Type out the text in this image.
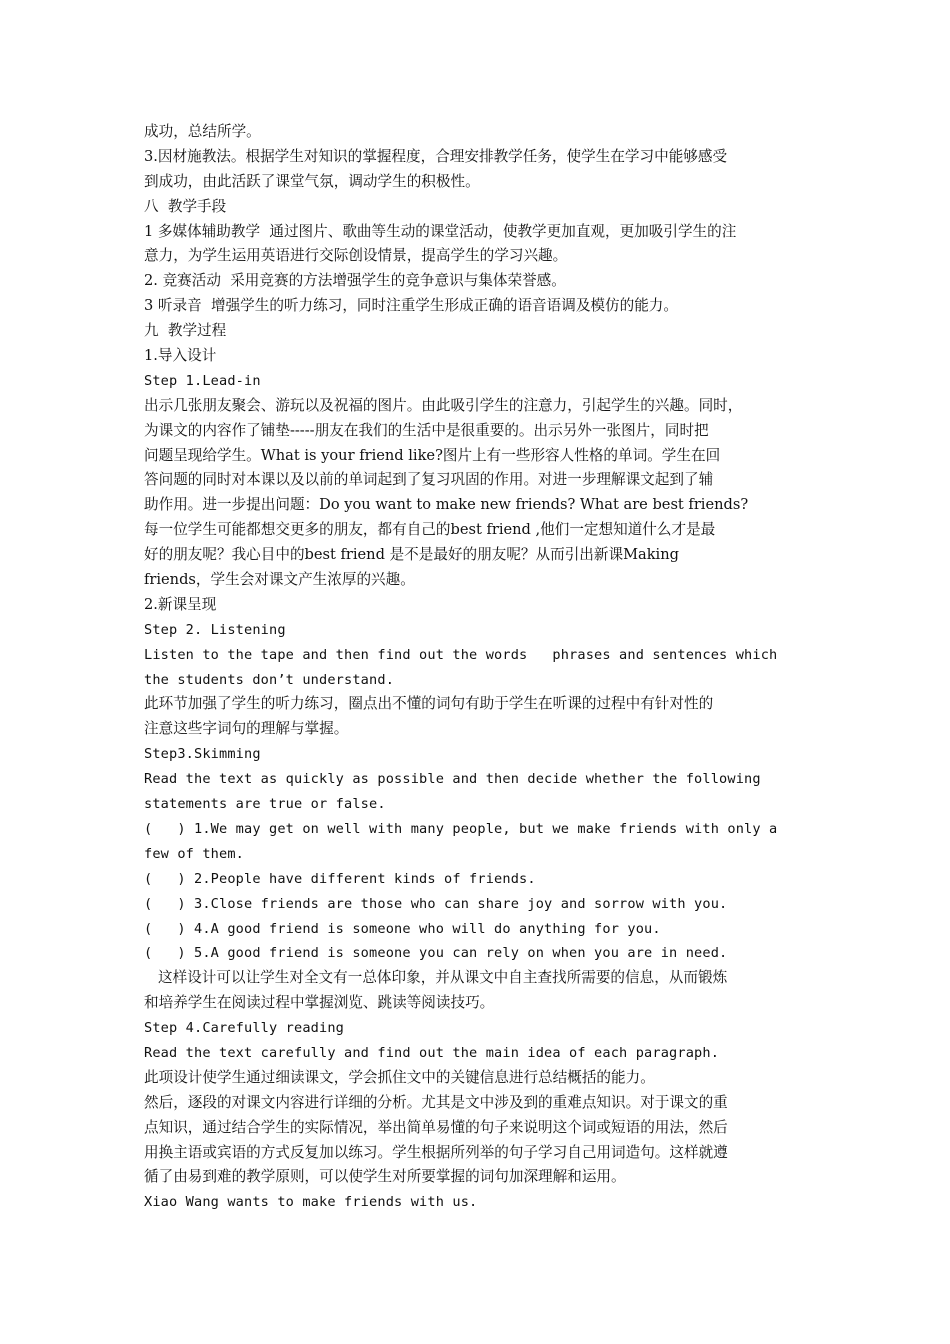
成功，总结所学。
3.因材施教法。根据学生对知识的掌握程度，合理安排教学任务，使学生在学习中能够感受
到成功，由此活跃了课堂气氛，调动学生的积极性。
八  教学手段
1 多媒体辅助教学  通过图片、歌曲等生动的课堂活动，使教学更加直观，更加吸引学生的注
意力，为学生运用英语进行交际创设情景，提高学生的学习兴趣。
2. 竞赛活动  采用竞赛的方法增强学生的竞争意识与集体荣誉感。
3 听录音  增强学生的听力练习，同时注重学生形成正确的语音语调及模仿的能力。
九  教学过程
1.导入设计
Step 1.Lead-in
出示几张朋友聚会、游玩以及祝福的图片。由此吸引学生的注意力，引起学生的兴趣。同时，
为课文的内容作了铺垫-----朋友在我们的生活中是很重要的。出示另外一张图片，同时把
问题呈现给学生。What is your friend like?图片上有一些形容人性格的单词。学生在回
答问题的同时对本课以及以前的单词起到了复习巩固的作用。对进一步理解课文起到了辅
助作用。进一步提出问题：Do you want to make new friends? What are best friends?
每一位学生可能都想交更多的朋友，都有自己的best friend ,他们一定想知道什么才是最
好的朋友呢？我心目中的best friend 是不是最好的朋友呢？从而引出新课Making
friends，学生会对课文产生浓厚的兴趣。
2.新课呈现
Step 2. Listening
Listen to the tape and then find out the words   phrases and sentences which
the students don’t understand.
此环节加强了学生的听力练习，圈点出不懂的词句有助于学生在听课的过程中有针对性的
注意这些字词句的理解与掌握。
Step3.Skimming
Read the text as quickly as possible and then decide whether the following
statements are true or false.
(   ) 1.We may get on well with many people, but we make friends with only a
few of them.
(   ) 2.People have different kinds of friends.
(   ) 3.Close friends are those who can share joy and sorrow with you.
(   ) 4.A good friend is someone who will do anything for you.
(   ) 5.A good friend is someone you can rely on when you are in need.
这样设计可以让学生对全文有一总体印象，并从课文中自主查找所需要的信息，从而锻炼
和培养学生在阅读过程中掌握浏览、跳读等阅读技巧。
Step 4.Carefully reading
Read the text carefully and find out the main idea of each paragraph.
此项设计使学生通过细读课文，学会抓住文中的关键信息进行总结概括的能力。
然后，逐段的对课文内容进行详细的分析。尤其是文中涉及到的重难点知识。对于课文的重
点知识，通过结合学生的实际情况，举出简单易懂的句子来说明这个词或短语的用法，然后
用换主语或宾语的方式反复加以练习。学生根据所列举的句子学习自己用词造句。这样就遵
循了由易到难的教学原则，可以使学生对所要掌握的词句加深理解和运用。
Xiao Wang wants to make friends with us.
